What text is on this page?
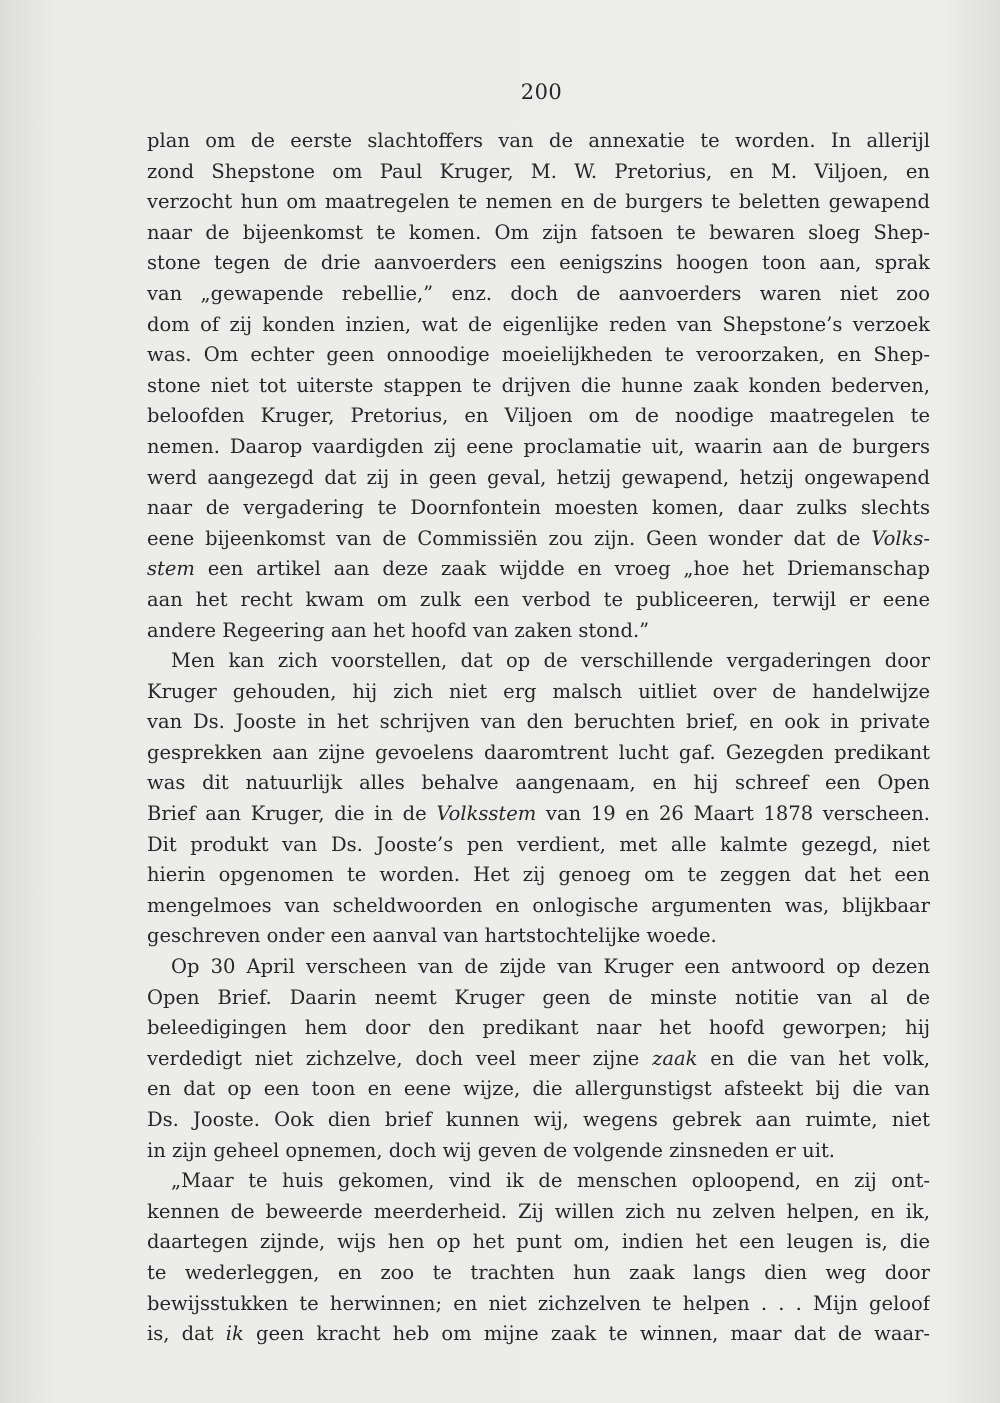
200
plan om de eerste slachtoffers van de annexatie te worden. In allerijl
zond Shepstone om Paul Kruger, M. W. Pretorius, en M. Viljoen, en
verzocht hun om maatregelen te nemen en de burgers te beletten gewapend
naar de bijeenkomst te komen. Om zijn fatsoen te bewaren sloeg Shep-
stone tegen de drie aanvoerders een eenigszins hoogen toon aan, sprak
van „gewapende rebellie,” enz. doch de aanvoerders waren niet zoo
dom of zij konden inzien, wat de eigenlijke reden van Shepstone’s verzoek
was. Om echter geen onnoodige moeielijkheden te veroorzaken, en Shep-
stone niet tot uiterste stappen te drijven die hunne zaak konden bederven,
beloofden Kruger, Pretorius, en Viljoen om de noodige maatregelen te
nemen. Daarop vaardigden zij eene proclamatie uit, waarin aan de burgers
werd aangezegd dat zij in geen geval, hetzij gewapend, hetzij ongewapend
naar de vergadering te Doornfontein moesten komen, daar zulks slechts
eene bijeenkomst van de Commissiën zou zijn. Geen wonder dat de Volks-
stem een artikel aan deze zaak wijdde en vroeg „hoe het Driemanschap
aan het recht kwam om zulk een verbod te publiceeren, terwijl er eene
andere Regeering aan het hoofd van zaken stond.”
Men kan zich voorstellen, dat op de verschillende vergaderingen door
Kruger gehouden, hij zich niet erg malsch uitliet over de handelwijze
van Ds. Jooste in het schrijven van den beruchten brief, en ook in private
gesprekken aan zijne gevoelens daaromtrent lucht gaf. Gezegden predikant
was dit natuurlijk alles behalve aangenaam, en hij schreef een Open
Brief aan Kruger, die in de Volksstem van 19 en 26 Maart 1878 verscheen.
Dit produkt van Ds. Jooste’s pen verdient, met alle kalmte gezegd, niet
hierin opgenomen te worden. Het zij genoeg om te zeggen dat het een
mengelmoes van scheldwoorden en onlogische argumenten was, blijkbaar
geschreven onder een aanval van hartstochtelijke woede.
Op 30 April verscheen van de zijde van Kruger een antwoord op dezen
Open Brief. Daarin neemt Kruger geen de minste notitie van al de
beleedigingen hem door den predikant naar het hoofd geworpen; hij
verdedigt niet zichzelve, doch veel meer zijne zaak en die van het volk,
en dat op een toon en eene wijze, die allergunstigst afsteekt bij die van
Ds. Jooste. Ook dien brief kunnen wij, wegens gebrek aan ruimte, niet
in zijn geheel opnemen, doch wij geven de volgende zinsneden er uit.
„Maar te huis gekomen, vind ik de menschen oploopend, en zij ont-
kennen de beweerde meerderheid. Zij willen zich nu zelven helpen, en ik,
daartegen zijnde, wijs hen op het punt om, indien het een leugen is, die
te wederleggen, en zoo te trachten hun zaak langs dien weg door
bewijsstukken te herwinnen; en niet zichzelven te helpen . . . Mijn geloof
is, dat ik geen kracht heb om mijne zaak te winnen, maar dat de waar-
